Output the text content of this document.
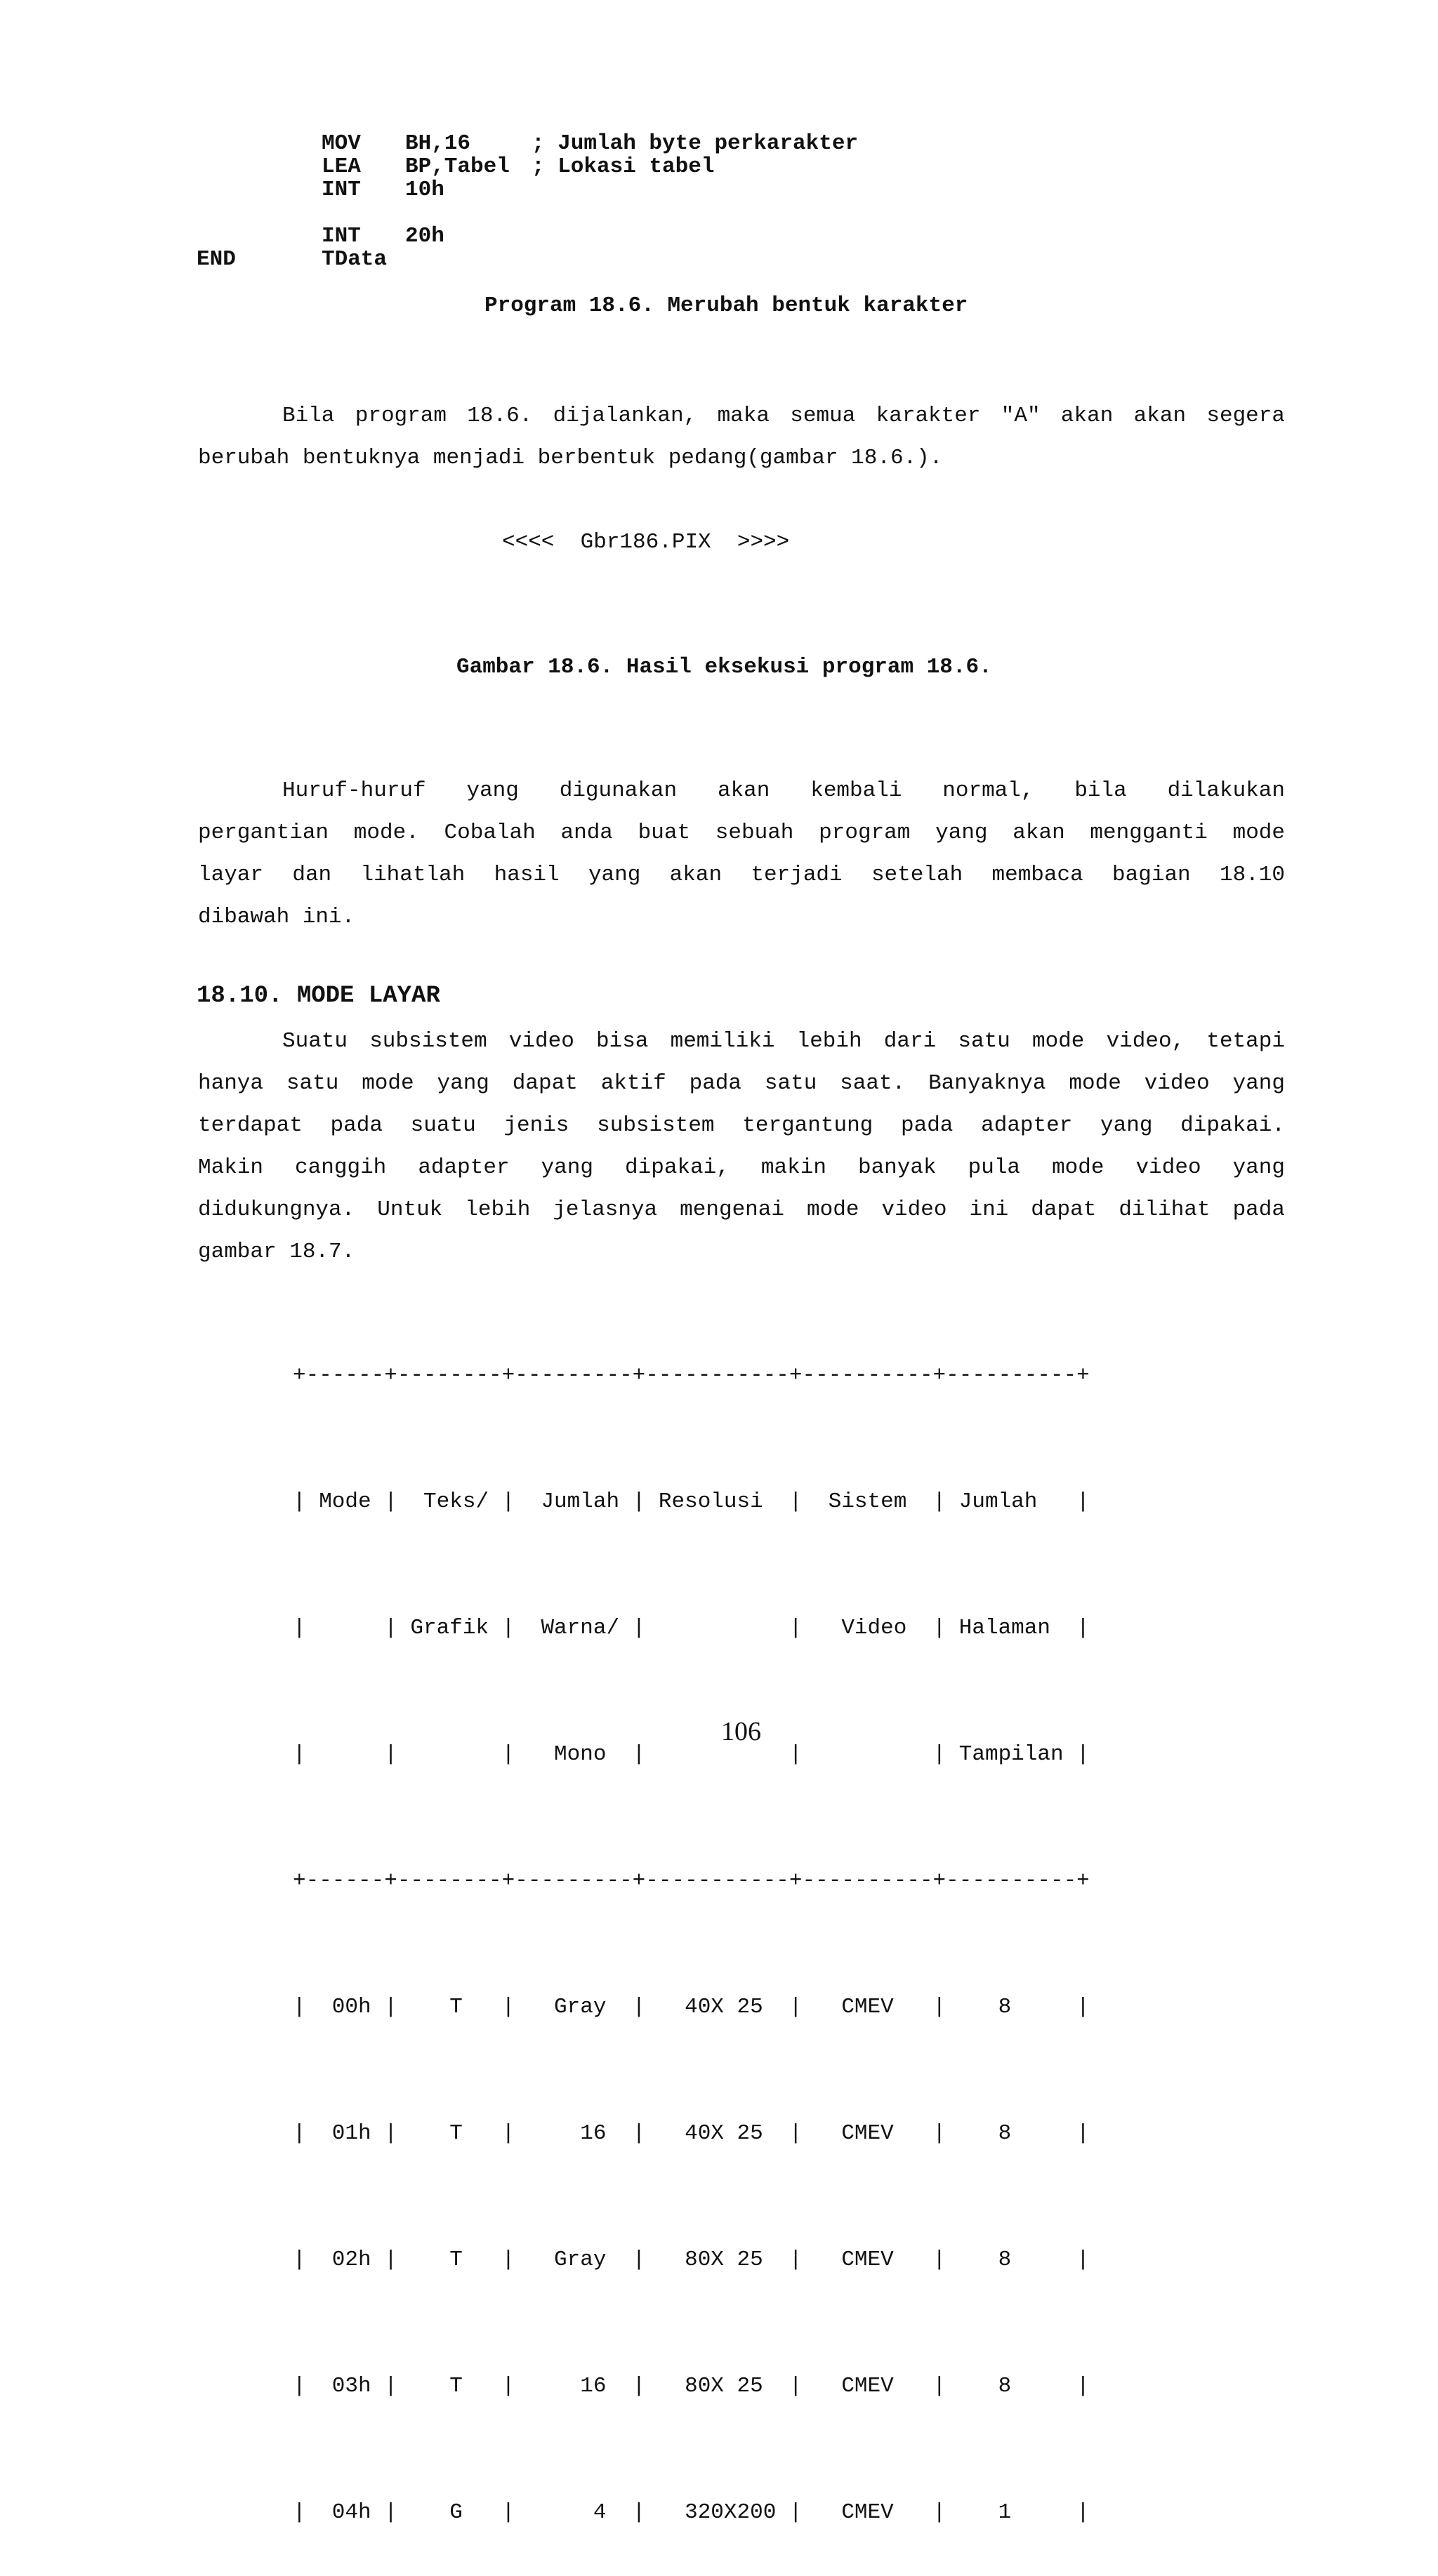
MOV BH,16	; Jumlah byte perkarakter
LEA BP,Tabel ; Lokasi tabel
INT 10h
INT 20h
END	TData
Program 18.6. Merubah bentuk karakter
Bila program 18.6. dijalankan, maka semua karakter "A" akan akan segera
berubah bentuknya menjadi berbentuk pedang(gambar 18.6.).
<<<<  Gbr186.PIX  >>>>
Gambar 18.6. Hasil eksekusi program 18.6.
Huruf-huruf yang digunakan akan kembali normal, bila dilakukan
pergantian mode. Cobalah anda buat sebuah program yang akan mengganti mode
layar dan lihatlah hasil yang akan terjadi setelah membaca bagian 18.10
dibawah ini.
18.10. MODE LAYAR
Suatu subsistem video bisa memiliki lebih dari satu mode video, tetapi
hanya satu mode yang dapat aktif pada satu saat. Banyaknya mode video yang
terdapat pada suatu jenis subsistem tergantung pada adapter yang dipakai.
Makin canggih adapter yang dipakai, makin banyak pula mode video yang
didukungnya. Untuk lebih jelasnya mengenai mode video ini dapat dilihat pada
gambar 18.7.

+------+--------+---------+-----------+----------+----------+

| Mode |  Teks/ |  Jumlah | Resolusi  |  Sistem  | Jumlah   |

|      | Grafik |  Warna/ |           |   Video  | Halaman  |

|      |        |   Mono  |           |          | Tampilan |

+------+--------+---------+-----------+----------+----------+

|  00h |    T   |   Gray  |   40X 25  |   CMEV   |    8     |

|  01h |    T   |     16  |   40X 25  |   CMEV   |    8     |

|  02h |    T   |   Gray  |   80X 25  |   CMEV   |    8     |

|  03h |    T   |     16  |   80X 25  |   CMEV   |    8     |

|  04h |    G   |      4  |   320X200 |   CMEV   |    1     |

106
